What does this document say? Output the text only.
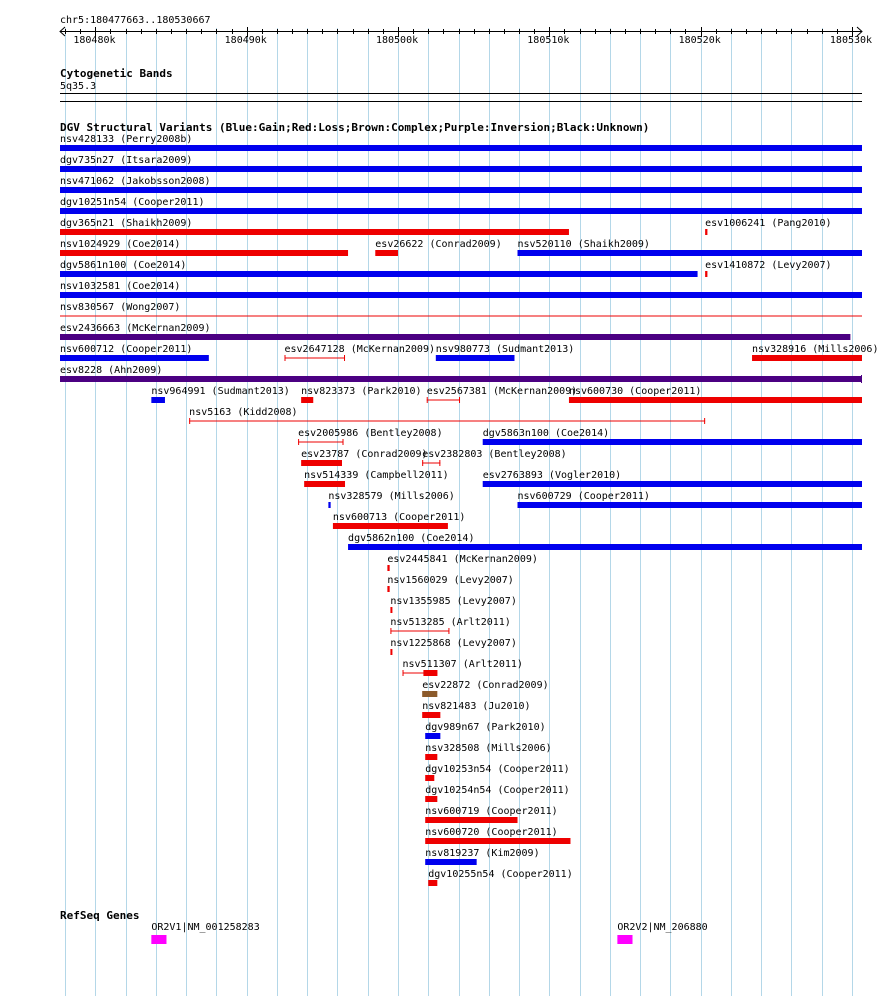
chr5:180477663..180530667
Cytogenetic Bands
5q35.3
DGV Structural Variants (Blue:Gain;Red:Loss;Brown:Complex;Purple:Inversion;Black:Unknown)
RefSeq Genes
180480k	180490k	180500k	180510k	180520k	180530k
nsv428133 (Perry2008b)
dgv735n27 (Itsara2009)
nsv471062 (Jakobsson2008)
dgv10251n54 (Cooper2011)
dgv365n21 (Shaikh2009)	esv1006241 (Pang2010)
nsv1024929 (Coe2014)	esv26622 (Conrad2009) nsv520110 (Shaikh2009)
dgv5861n100 (Coe2014)	esv1410872 (Levy2007)
nsv1032581 (Coe2014)
nsv830567 (Wong2007)
esv2436663 (McKernan2009)
nsv600712 (Cooper2011)	esv2647128 (McKernan2009) nsv980773 (Sudmant2013)	nsv328916 (Mills2006)
esv8228 (Ahn2009)
nsv964991 (Sudmant2013) nsv823373 (Park2010) esv2567381 (McKernan2009)
nsv600730 (Cooper2011)
nsv5163 (Kidd2008)
esv2005986 (Bentley2008)	dgv5863n100 (Coe2014)
esv23787 (Conrad2009)
esv2382803 (Bentley2008)
nsv514339 (Campbell2011)	esv2763893 (Vogler2010)
nsv328579 (Mills2006)	nsv600729 (Cooper2011)
nsv600713 (Cooper2011)
dgv5862n100 (Coe2014)
esv2445841 (McKernan2009)
nsv1560029 (Levy2007)
nsv1355985 (Levy2007)
nsv513285 (Arlt2011)
nsv1225868 (Levy2007)
nsv511307 (Arlt2011)
esv22872 (Conrad2009)
nsv821483 (Ju2010)
dgv989n67 (Park2010)
nsv328508 (Mills2006)
dgv10253n54 (Cooper2011)
dgv10254n54 (Cooper2011)
nsv600719 (Cooper2011)
nsv600720 (Cooper2011)
nsv819237 (Kim2009)
dgv10255n54 (Cooper2011)
OR2V1|NM_001258283	OR2V2|NM_206880
